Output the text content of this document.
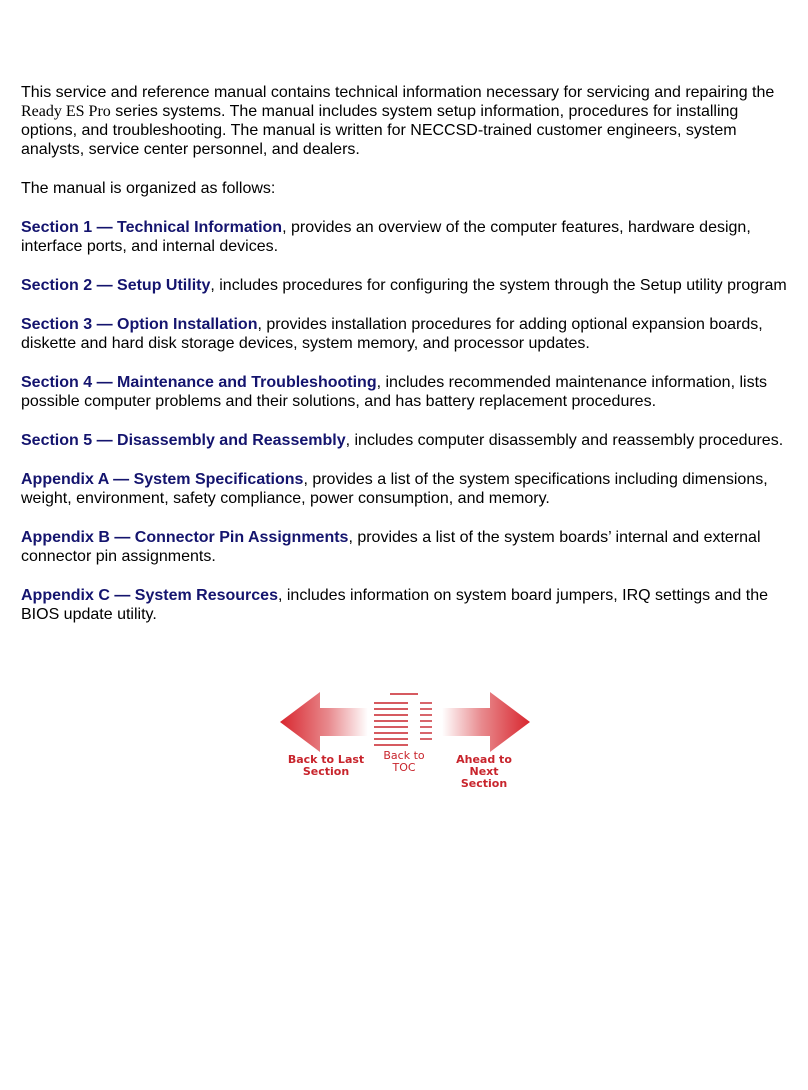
This service and reference manual contains technical information necessary for servicing and repairing the Ready ES Pro series systems. The manual includes system setup information, procedures for installing options, and troubleshooting. The manual is written for NECCSD-trained customer engineers, system analysts, service center personnel, and dealers.

The manual is organized as follows:

Section 1 — Technical Information, provides an overview of the computer features, hardware design, interface ports, and internal devices.

Section 2 — Setup Utility, includes procedures for configuring the system through the Setup utility program

Section 3 — Option Installation, provides installation procedures for adding optional expansion boards, diskette and hard disk storage devices, system memory, and processor updates.

Section 4 — Maintenance and Troubleshooting, includes recommended maintenance information, lists possible computer problems and their solutions, and has battery replacement procedures.

Section 5 — Disassembly and Reassembly, includes computer disassembly and reassembly procedures.

Appendix A — System Specifications, provides a list of the system specifications including dimensions, weight, environment, safety compliance, power consumption, and memory.

Appendix B — Connector Pin Assignments, provides a list of the system boards’ internal and external connector pin assignments.

Appendix C — System Resources, includes information on system board jumpers, IRQ settings and the BIOS update utility.

Back to Last
Section
Back to
TOC
Ahead to Next
Section
